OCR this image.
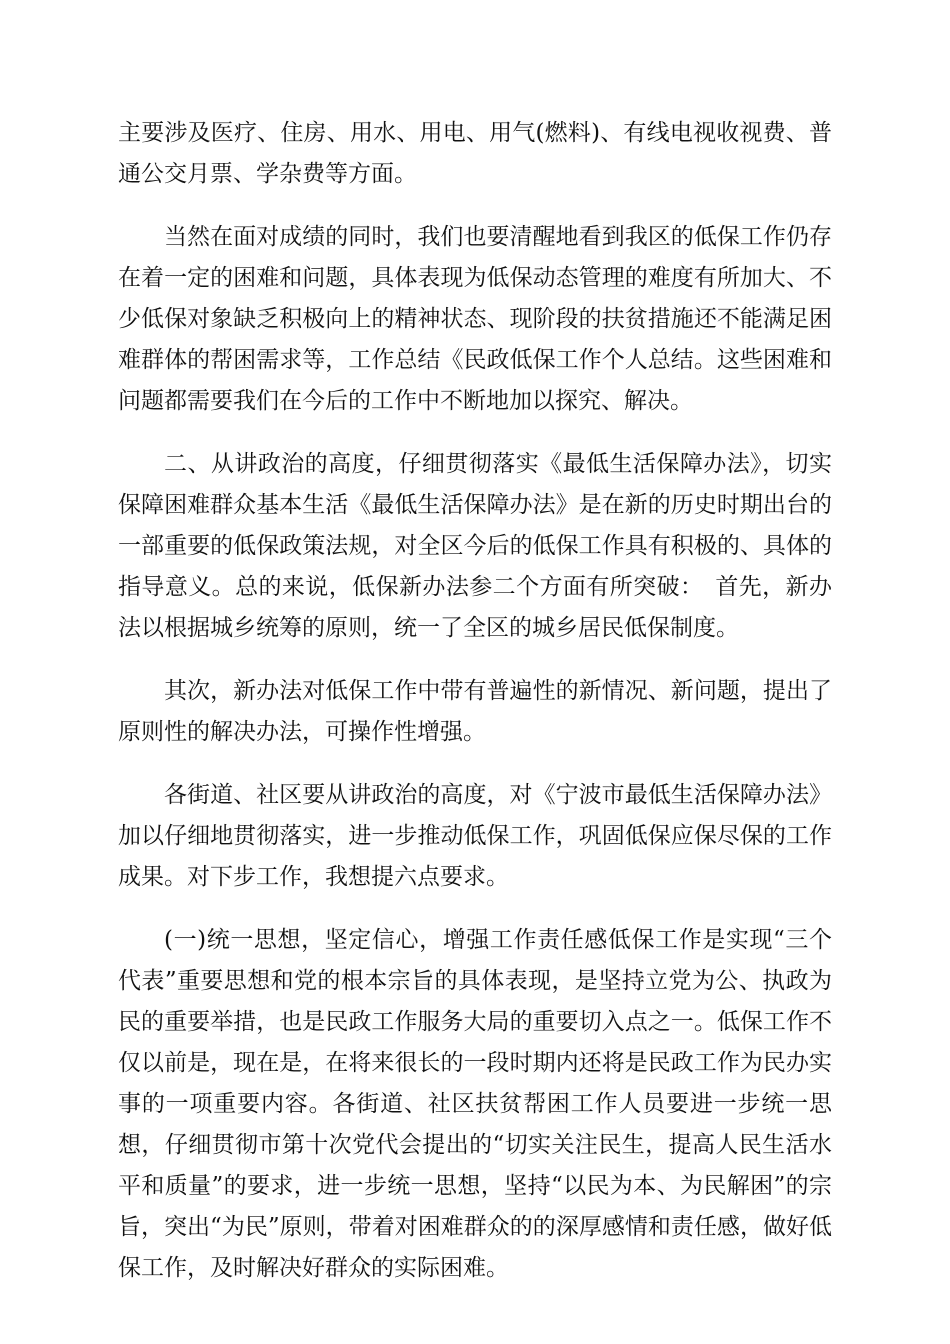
主要涉及医疗、住房、用水、用电、用气(燃料)、有线电视收视费、普通公交月票、学杂费等方面。

当然在面对成绩的同时，我们也要清醒地看到我区的低保工作仍存在着一定的困难和问题，具体表现为低保动态管理的难度有所加大、不少低保对象缺乏积极向上的精神状态、现阶段的扶贫措施还不能满足困难群体的帮困需求等，工作总结《民政低保工作个人总结。这些困难和问题都需要我们在今后的工作中不断地加以探究、解决。

二、从讲政治的高度，仔细贯彻落实《最低生活保障办法》，切实保障困难群众基本生活《最低生活保障办法》是在新的历史时期出台的一部重要的低保政策法规，对全区今后的低保工作具有积极的、具体的指导意义。总的来说，低保新办法参二个方面有所突破：　首先，新办法以根据城乡统筹的原则，统一了全区的城乡居民低保制度。

其次，新办法对低保工作中带有普遍性的新情况、新问题，提出了原则性的解决办法，可操作性增强。

各街道、社区要从讲政治的高度，对《宁波市最低生活保障办法》加以仔细地贯彻落实，进一步推动低保工作，巩固低保应保尽保的工作成果。对下步工作，我想提六点要求。

(一)统一思想，坚定信心，增强工作责任感低保工作是实现“三个代表”重要思想和党的根本宗旨的具体表现，是坚持立党为公、执政为民的重要举措，也是民政工作服务大局的重要切入点之一。低保工作不仅以前是，现在是，在将来很长的一段时期内还将是民政工作为民办实事的一项重要内容。各街道、社区扶贫帮困工作人员要进一步统一思想，仔细贯彻市第十次党代会提出的“切实关注民生，提高人民生活水平和质量”的要求，进一步统一思想，坚持“以民为本、为民解困”的宗旨，突出“为民”原则，带着对困难群众的的深厚感情和责任感，做好低保工作，及时解决好群众的实际困难。
